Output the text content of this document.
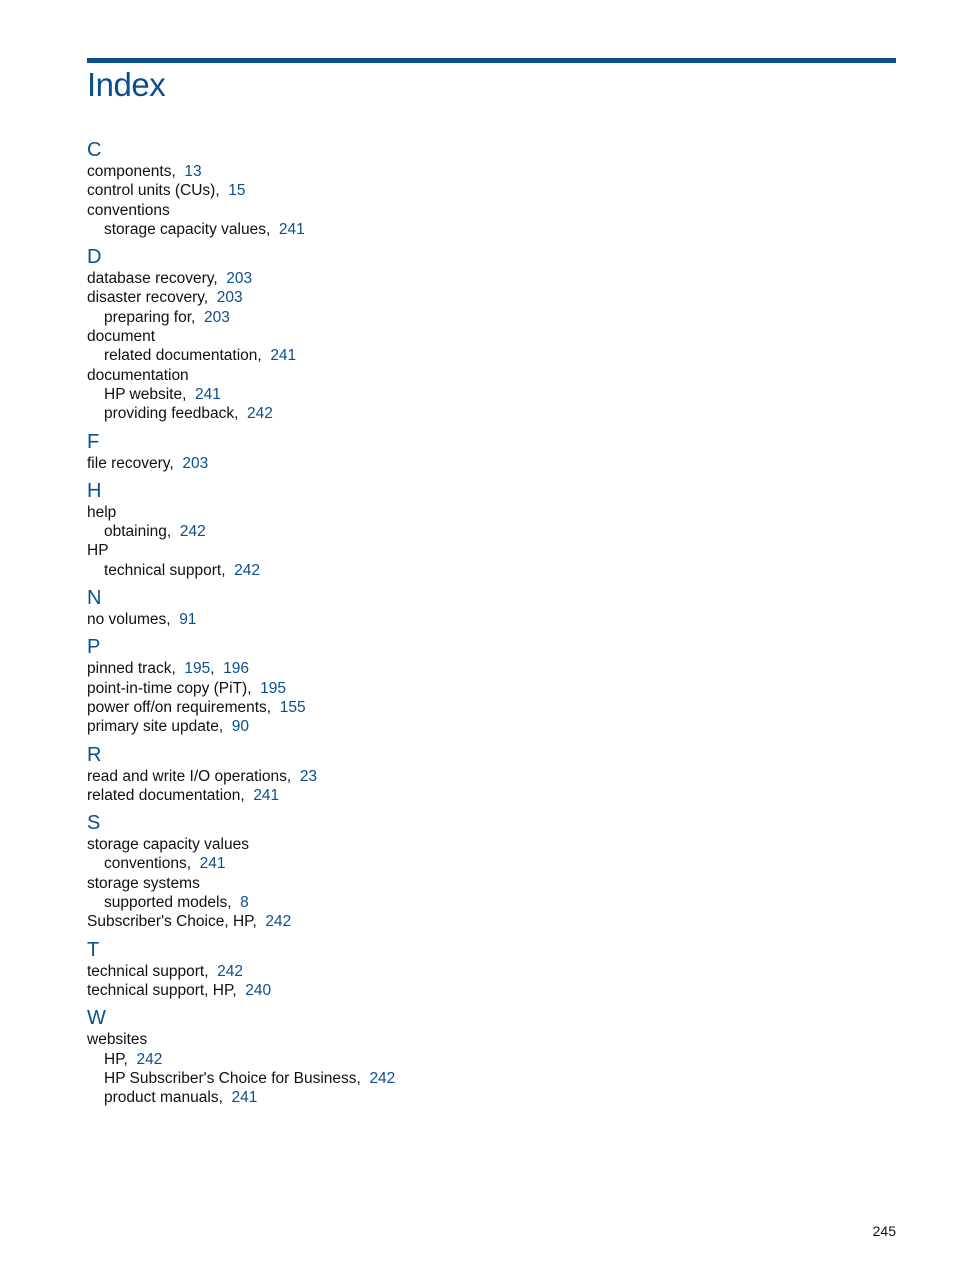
Index
C
components,  13
control units (CUs),  15
conventions
storage capacity values,  241
D
database recovery,  203
disaster recovery,  203
preparing for,  203
document
related documentation,  241
documentation
HP website,  241
providing feedback,  242
F
file recovery,  203
H
help
obtaining,  242
HP
technical support,  242
N
no volumes,  91
P
pinned track,  195,  196
point-in-time copy (PiT),  195
power off/on requirements,  155
primary site update,  90
R
read and write I/O operations,  23
related documentation,  241
S
storage capacity values
conventions,  241
storage systems
supported models,  8
Subscriber's Choice, HP,  242
T
technical support,  242
technical support, HP,  240
W
websites
HP,  242
HP Subscriber's Choice for Business,  242
product manuals,  241
245
